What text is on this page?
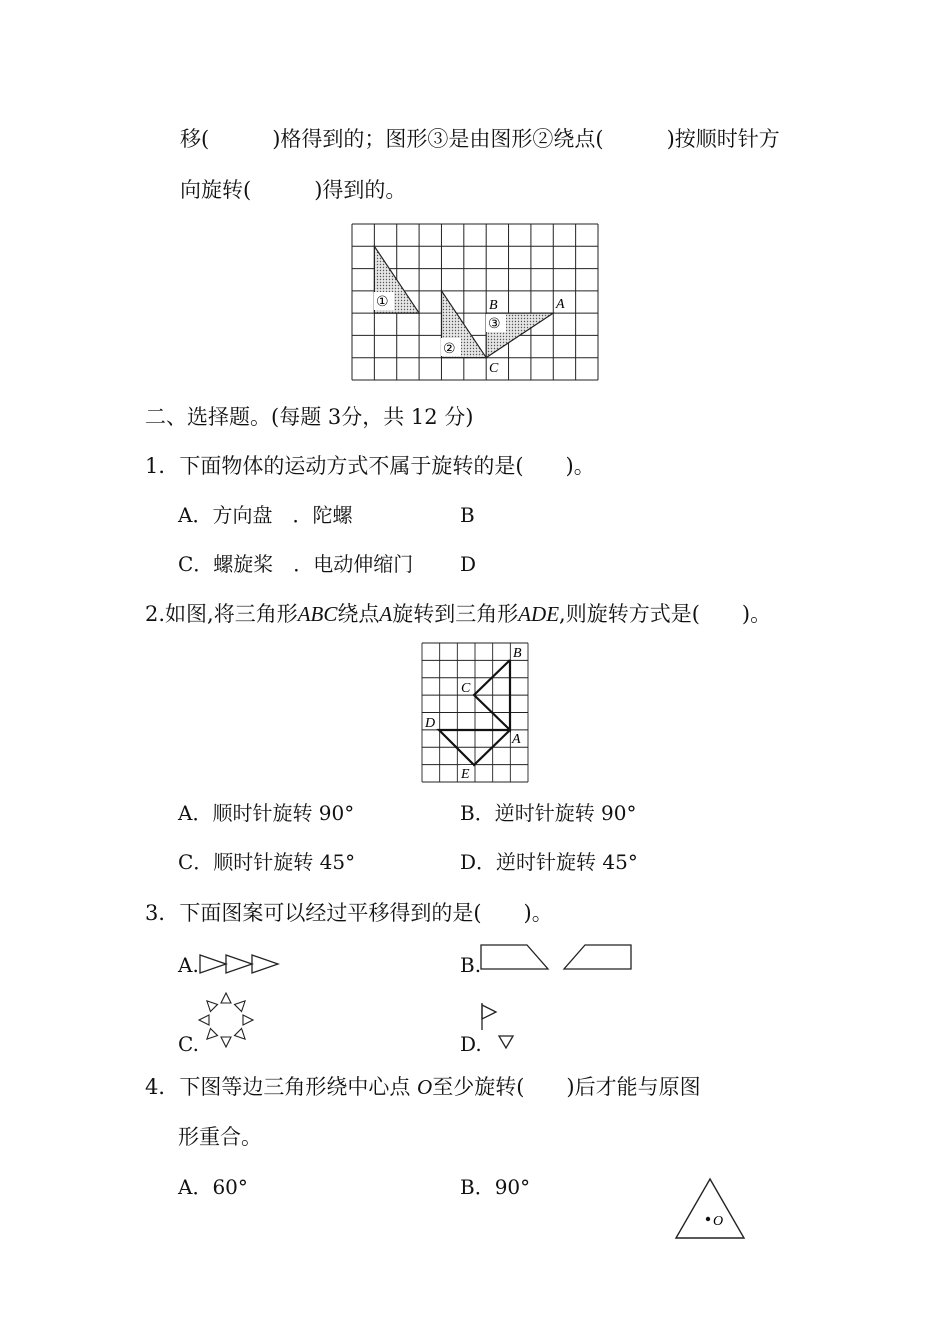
移(　　　)格得到的；图形③是由图形②绕点(　　　)按顺时针方
向旋转(　　　)得到的。
①
②
③
A
B
C
二、选择题。(每题 3分，共 12 分)
1．下面物体的运动方式不属于旋转的是(　　)。
A．方向盘　．陀螺	B
C．螺旋桨　．电动伸缩门 D
2.如图,将三角形ABC绕点A旋转到三角形ADE,则旋转方式是(　　)。
B
C
D
A
E
A．顺时针旋转 90°	B．逆时针旋转 90°
C．顺时针旋转 45°	D．逆时针旋转 45°
3．下面图案可以经过平移得到的是(　　)。
A.	B.
C.	D.
4．下图等边三角形绕中心点 O至少旋转(　　)后才能与原图
形重合。
A．60°	B．90°
O
